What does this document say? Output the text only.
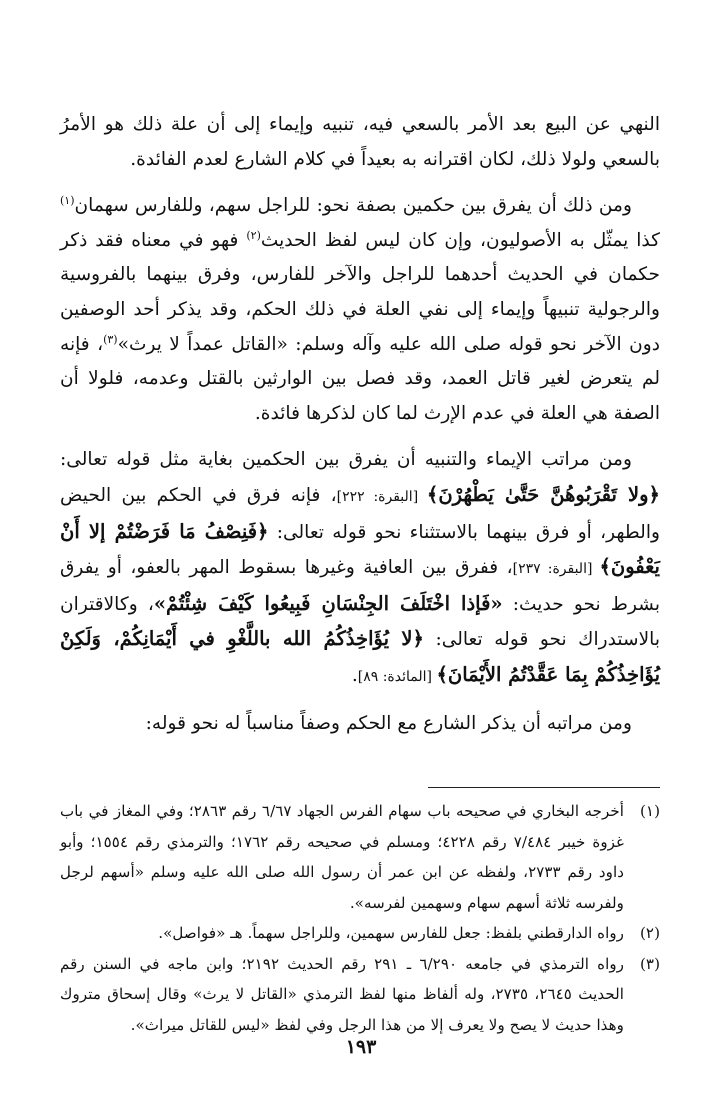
النهي عن البيع بعد الأمر بالسعي فيه، تنبيه وإيماء إلى أن علة ذلك هو الأمرُ بالسعي ولولا ذلك، لكان اقترانه به بعيداً في كلام الشارع لعدم الفائدة.

ومن ذلك أن يفرق بين حكمين بصفة نحو: للراجل سهم، وللفارس سهمان$^{(١)}$ كذا يمثّل به الأصوليون، وإن كان ليس لفظ الحديث$^{(٢)}$ فهو في معناه فقد ذكر حكمان في الحديث أحدهما للراجل والآخر للفارس، وفرق بينهما بالفروسية والرجولية تنبيهاً وإيماء إلى نفي العلة في ذلك الحكم، وقد يذكر أحد الوصفين دون الآخر نحو قوله صلى الله عليه وآله وسلم: «القاتل عمداً لا يرث»$^{(٣)}$، فإنه لم يتعرض لغير قاتل العمد، وقد فصل بين الوارثين بالقتل وعدمه، فلولا أن الصفة هي العلة في عدم الإرث لما كان لذكرها فائدة.

ومن مراتب الإيماء والتنبيه أن يفرق بين الحكمين بغاية مثل قوله تعالى: ﴿ولا تَقْرَبُوهُنَّ حَتَّىٰ يَطْهُرْنَ﴾ [البقرة: ٢٢٢]، فإنه فرق في الحكم بين الحيض والطهر، أو فرق بينهما بالاستثناء نحو قوله تعالى: ﴿فَنِصْفُ مَا فَرَضْتُمْ إلا أَنْ يَعْفُونَ﴾ [البقرة: ٢٣٧]، ففرق بين العافية وغيرها بسقوط المهر بالعفو، أو يفرق بشرط نحو حديث: «فَإذا اخْتَلَفَ الجِنْسَانِ فَبِيعُوا كَيْفَ شِئْتُمْ»، وكالاقتران بالاستدراك نحو قوله تعالى: ﴿لا يُؤَاخِذُكُمُ الله باللَّغْوِ في أَيْمَانِكُمْ، وَلَكِنْ يُؤَاخِذُكُمْ بِمَا عَقَّدْتُمُ الأَيْمَانَ﴾ [المائدة: ٨٩].

ومن مراتبه أن يذكر الشارع مع الحكم وصفاً مناسباً له نحو قوله:

(١)
أخرجه البخاري في صحيحه باب سهام الفرس الجهاد ٦/٦٧ رقم ٢٨٦٣؛ وفي المغاز في باب غزوة خيبر ٧/٤٨٤ رقم ٤٢٢٨؛ ومسلم في صحيحه رقم ١٧٦٢؛ والترمذي رقم ١٥٥٤؛ وأبو داود رقم ٢٧٣٣، ولفظه عن ابن عمر أن رسول الله صلى الله عليه وسلم «أسهم لرجل ولفرسه ثلاثة أسهم سهام وسهمين لفرسه».
(٢)
رواه الدارقطني بلفظ: جعل للفارس سهمين، وللراجل سهماً. هـ «فواصل».
(٣)
رواه الترمذي في جامعه ٦/٢٩٠ ـ ٢٩١ رقم الحديث ٢١٩٢؛ وابن ماجه في السنن رقم الحديث ٢٦٤٥، ٢٧٣٥، وله ألفاظ منها لفظ الترمذي «القاتل لا يرث» وقال إسحاق متروك وهذا حديث لا يصح ولا يعرف إلا من هذا الرجل وفي لفظ «ليس للقاتل ميراث».
١٩٣
